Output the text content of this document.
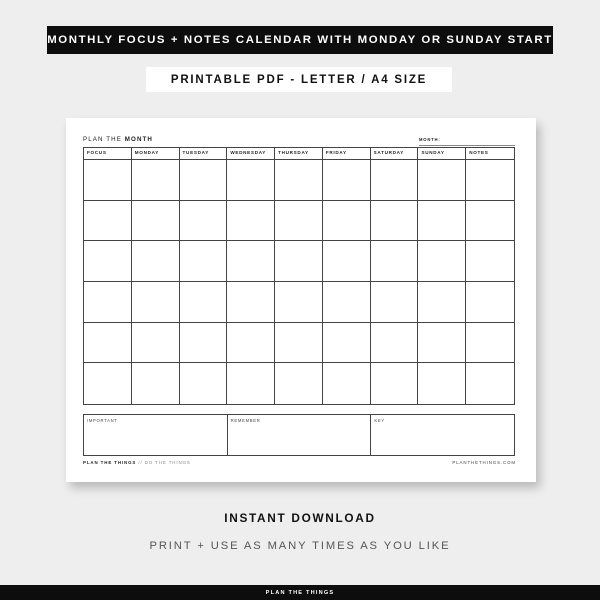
MONTHLY FOCUS + NOTES CALENDAR WITH MONDAY OR SUNDAY START
PRINTABLE PDF - LETTER / A4 SIZE
PLAN THE MONTH	MONTH:
FOCUS	MONDAY	TUESDAY	WEDNESDAY	THURSDAY	FRIDAY	SATURDAY	SUNDAY	NOTES
IMPORTANT	REMEMBER	KEY
PLAN THE THINGS // DO THE THINGS	PLANTHETHINGS.COM
INSTANT DOWNLOAD
PRINT + USE AS MANY TIMES AS YOU LIKE
PLAN THE THINGS
